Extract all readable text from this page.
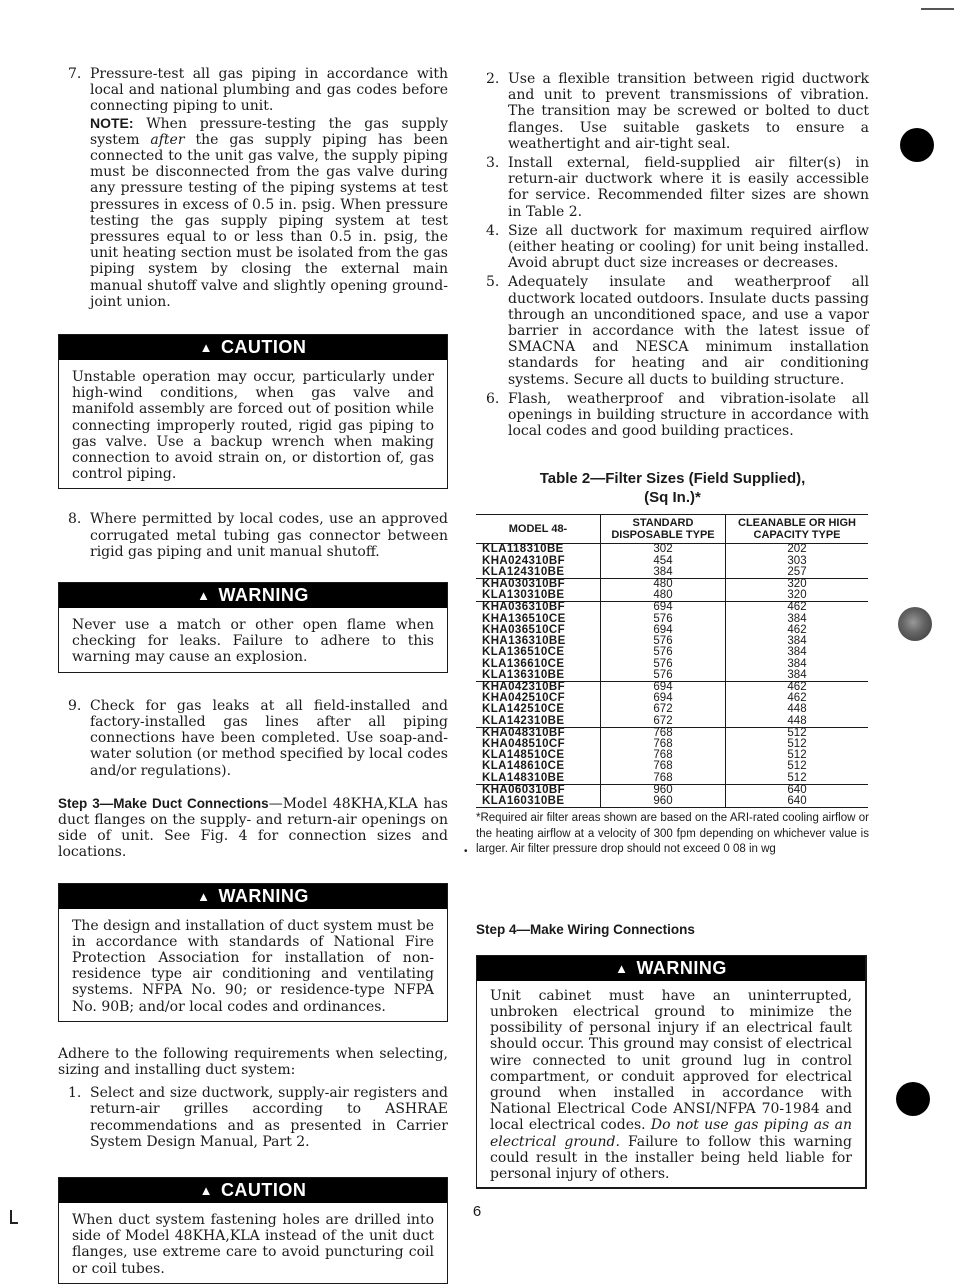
7. Pressure-test all gas piping in accordance with local and national plumbing and gas codes before connecting piping to unit.

NOTE: When pressure-testing the gas supply system after the gas supply piping has been connected to the unit gas valve, the supply piping must be disconnected from the gas valve during any pressure testing of the piping systems at test pressures in excess of 0.5 in. psig. When pressure testing the gas supply piping system at test pressures equal to or less than 0.5 in. psig, the unit heating section must be isolated from the gas piping system by closing the external main manual shutoff valve and slightly opening ground-joint union.

▲ CAUTION
Unstable operation may occur, particularly under high-wind conditions, when gas valve and manifold assembly are forced out of position while connecting improperly routed, rigid gas piping to gas valve. Use a backup wrench when making connection to avoid strain on, or distortion of, gas control piping.
8. Where permitted by local codes, use an approved corrugated metal tubing gas connector between rigid gas piping and unit manual shutoff.

▲ WARNING
Never use a match or other open flame when checking for leaks. Failure to adhere to this warning may cause an explosion.
9. Check for gas leaks at all field-installed and factory-installed gas lines after all piping connections have been completed. Use soap-and-water solution (or method specified by local codes and/or regulations).

Step 3—Make Duct Connections—Model 48KHA,KLA has duct flanges on the supply- and return-air openings on side of unit. See Fig. 4 for connection sizes and locations.

▲ WARNING
The design and installation of duct system must be in accordance with standards of National Fire Protection Association for installation of non-residence type air conditioning and ventilating systems. NFPA No. 90; or residence-type NFPA No. 90B; and/or local codes and ordinances.

Adhere to the following requirements when selecting, sizing and installing duct system:

1. Select and size ductwork, supply-air registers and return-air grilles according to ASHRAE recommendations and as presented in Carrier System Design Manual, Part 2.

▲ CAUTION
When duct system fastening holes are drilled into side of Model 48KHA,KLA instead of the unit duct flanges, use extreme care to avoid puncturing coil or coil tubes.
2. Use a flexible transition between rigid ductwork and unit to prevent transmissions of vibration. The transition may be screwed or bolted to duct flanges. Use suitable gaskets to ensure a weathertight and air-tight seal.

3. Install external, field-supplied air filter(s) in return-air ductwork where it is easily accessible for service. Recommended filter sizes are shown in Table 2.

4. Size all ductwork for maximum required airflow (either heating or cooling) for unit being installed. Avoid abrupt duct size increases or decreases.

5. Adequately insulate and weatherproof all ductwork located outdoors. Insulate ducts passing through an unconditioned space, and use a vapor barrier in accordance with the latest issue of SMACNA and NESCA minimum installation standards for heating and air conditioning systems. Secure all ducts to building structure.

6. Flash, weatherproof and vibration-isolate all openings in building structure in accordance with local codes and good building practices.

Table 2—Filter Sizes (Field Supplied),
(Sq In.)*
MODEL 48-	STANDARD DISPOSABLE TYPE	CLEANABLE OR HIGH CAPACITY TYPE
KLA118310BE	302	202
KHA024310BF	454	303
KLA124310BE	384	257
KHA030310BF	480	320
KLA130310BE	480	320
KHA036310BF	694	462
KHA136510CE	576	384
KHA036510CF	694	462
KHA136310BE	576	384
KLA136510CE	576	384
KLA136610CE	576	384
KLA136310BE	576	384
KHA042310BF	694	462
KHA042510CF	694	462
KLA142510CE	672	448
KLA142310BE	672	448
KHA048310BF	768	512
KHA048510CF	768	512
KLA148510CE	768	512
KLA148610CE	768	512
KLA148310BE	768	512
KHA060310BF	960	640
KLA160310BE	960	640
*Required air filter areas shown are based on the ARI-rated cooling airflow or the heating airflow at a velocity of 300 fpm depending on whichever value is larger. Air filter pressure drop should not exceed 0 08 in wg
•
Step 4—Make Wiring Connections
▲ WARNING
Unit cabinet must have an uninterrupted, unbroken electrical ground to minimize the possibility of personal injury if an electrical fault should occur. This ground may consist of electrical wire connected to unit ground lug in control compartment, or conduit approved for electrical ground when installed in accordance with National Electrical Code ANSI/NFPA 70-1984 and local electrical codes. Do not use gas piping as an electrical ground. Failure to follow this warning could result in the installer being held liable for personal injury of others.
6
